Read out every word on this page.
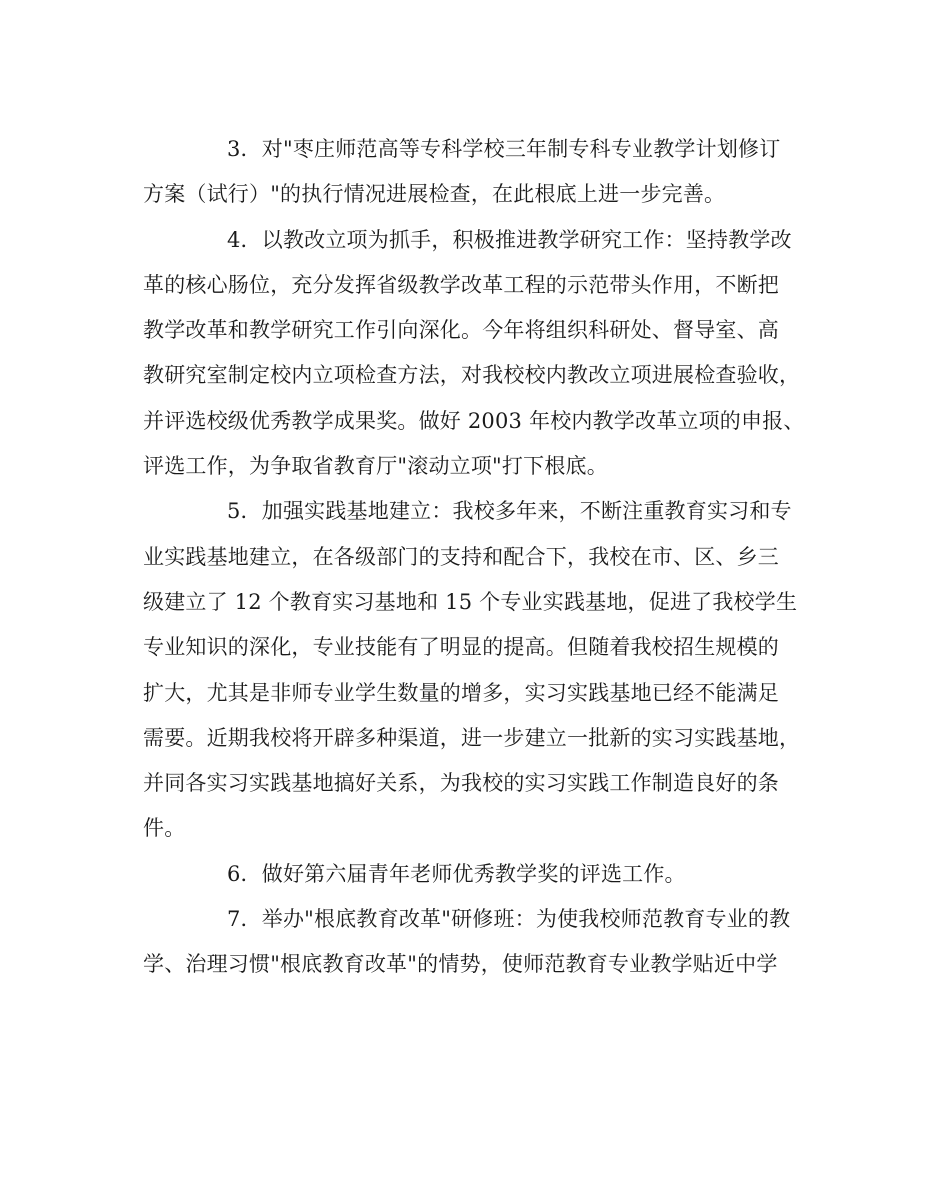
3．对"枣庄师范高等专科学校三年制专科专业教学计划修订
方案（试行）"的执行情况进展检查，在此根底上进一步完善。
4．以教改立项为抓手，积极推进教学研究工作：坚持教学改
革的核心肠位，充分发挥省级教学改革工程的示范带头作用，不断把
教学改革和教学研究工作引向深化。今年将组织科研处、督导室、高
教研究室制定校内立项检查方法，对我校校内教改立项进展检查验收，
并评选校级优秀教学成果奖。做好 2003 年校内教学改革立项的申报、
评选工作，为争取省教育厅"滚动立项"打下根底。
5．加强实践基地建立：我校多年来，不断注重教育实习和专
业实践基地建立，在各级部门的支持和配合下，我校在市、区、乡三
级建立了 12 个教育实习基地和 15 个专业实践基地，促进了我校学生
专业知识的深化，专业技能有了明显的提高。但随着我校招生规模的
扩大，尤其是非师专业学生数量的增多，实习实践基地已经不能满足
需要。近期我校将开辟多种渠道，进一步建立一批新的实习实践基地，
并同各实习实践基地搞好关系，为我校的实习实践工作制造良好的条
件。
6．做好第六届青年老师优秀教学奖的评选工作。
7．举办"根底教育改革"研修班：为使我校师范教育专业的教
学、治理习惯"根底教育改革"的情势，使师范教育专业教学贴近中学
